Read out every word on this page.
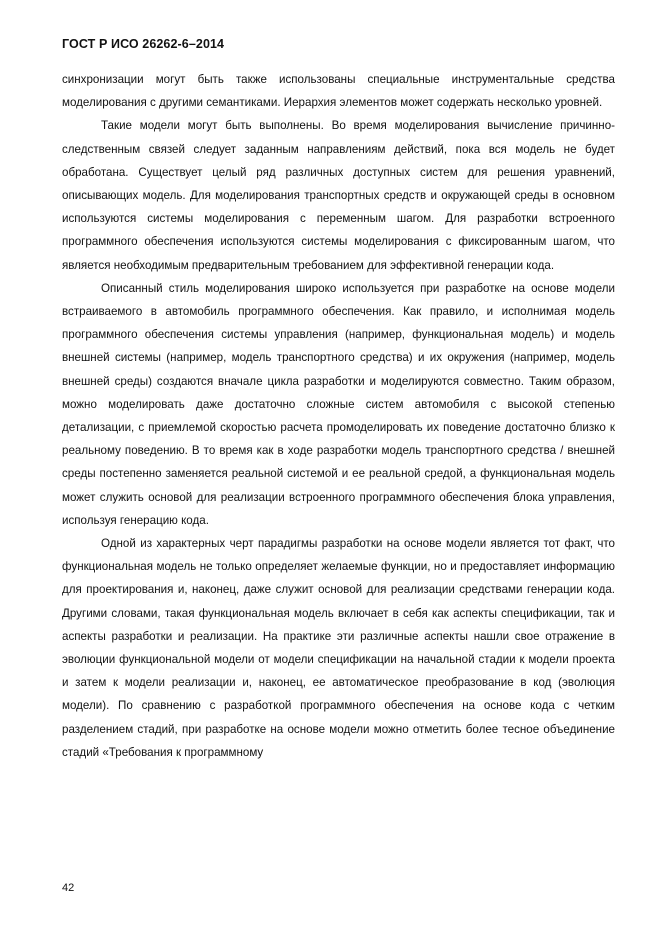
ГОСТ Р ИСО 26262-6–2014

синхронизации могут быть также использованы специальные инструментальные средства моделирования с другими семантиками. Иерархия элементов может содержать несколько уровней.

Такие модели могут быть выполнены. Во время моделирования вычисление причинно-следственным связей следует заданным направлениям действий, пока вся модель не будет обработана. Существует целый ряд различных доступных систем для решения уравнений, описывающих модель. Для моделирования транспортных средств и окружающей среды в основном используются системы моделирования с переменным шагом. Для разработки встроенного программного обеспечения используются системы моделирования с фиксированным шагом, что является необходимым предварительным требованием для эффективной генерации кода.

Описанный стиль моделирования широко используется при разработке на основе модели встраиваемого в автомобиль программного обеспечения. Как правило, и исполнимая модель программного обеспечения системы управления (например, функциональная модель) и модель внешней системы (например, модель транспортного средства) и их окружения (например, модель внешней среды) создаются вначале цикла разработки и моделируются совместно. Таким образом, можно моделировать даже достаточно сложные систем автомобиля с высокой степенью детализации, с приемлемой скоростью расчета промоделировать их поведение достаточно близко к реальному поведению. В то время как в ходе разработки модель транспортного средства / внешней среды постепенно заменяется реальной системой и ее реальной средой, а функциональная модель может служить основой для реализации встроенного программного обеспечения блока управления, используя генерацию кода.

Одной из характерных черт парадигмы разработки на основе модели является тот факт, что функциональная модель не только определяет желаемые функции, но и предоставляет информацию для проектирования и, наконец, даже служит основой для реализации средствами генерации кода. Другими словами, такая функциональная модель включает в себя как аспекты спецификации, так и аспекты разработки и реализации. На практике эти различные аспекты нашли свое отражение в эволюции функциональной модели от модели спецификации на начальной стадии к модели проекта и затем к модели реализации и, наконец, ее автоматическое преобразование в код (эволюция модели). По сравнению с разработкой программного обеспечения на основе кода с четким разделением стадий, при разработке на основе модели можно отметить более тесное объединение стадий «Требования к программному

42
